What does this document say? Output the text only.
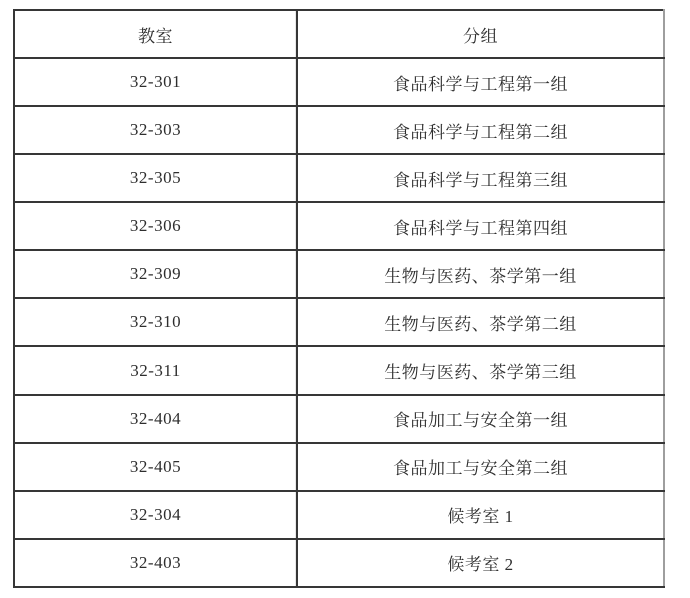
教室	分组
32-301	食品科学与工程第一组
32-303	食品科学与工程第二组
32-305	食品科学与工程第三组
32-306	食品科学与工程第四组
32-309	生物与医药、茶学第一组
32-310	生物与医药、茶学第二组
32-311	生物与医药、茶学第三组
32-404	食品加工与安全第一组
32-405	食品加工与安全第二组
32-304	候考室 1
32-403	候考室 2
